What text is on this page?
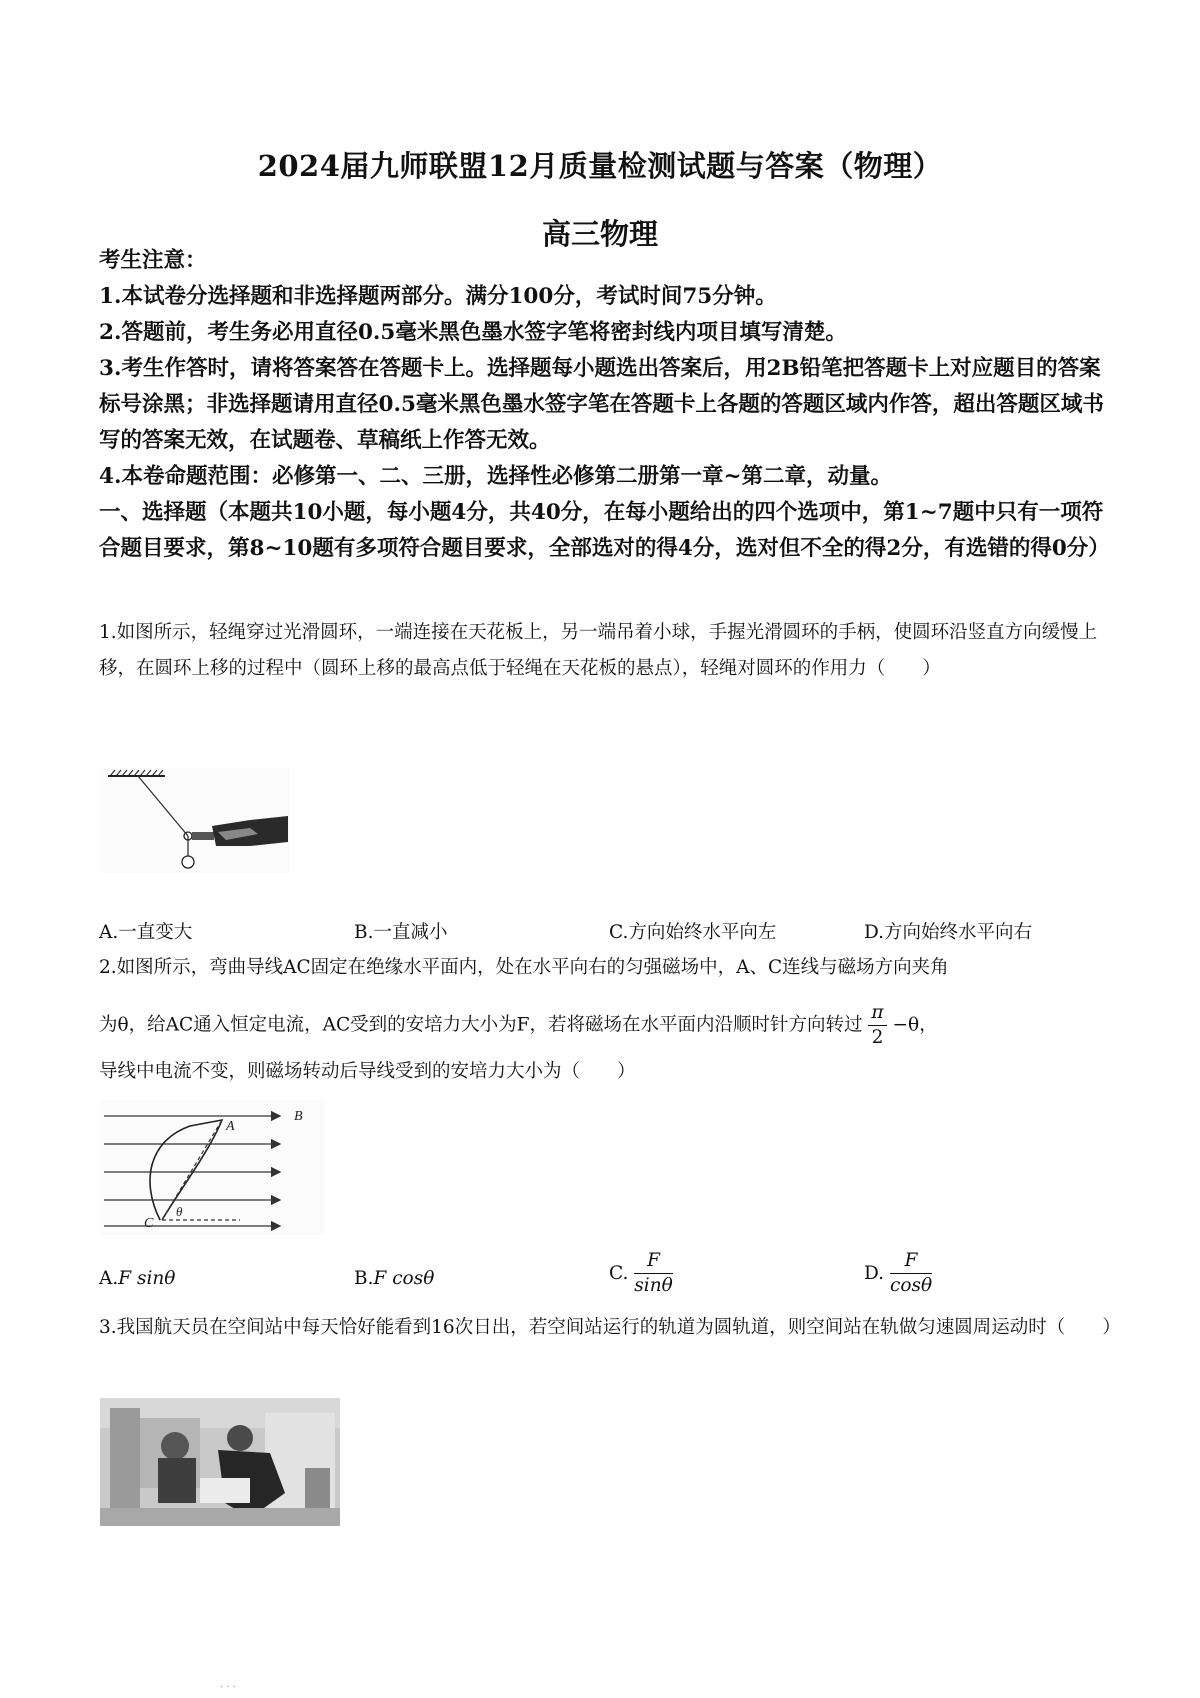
2024届九师联盟12月质量检测试题与答案（物理）
高三物理
考生注意：
1.本试卷分选择题和非选择题两部分。满分100分，考试时间75分钟。
2.答题前，考生务必用直径0.5毫米黑色墨水签字笔将密封线内项目填写清楚。
3.考生作答时，请将答案答在答题卡上。选择题每小题选出答案后，用2B铅笔把答题卡上对应题目的答案标号涂黑；非选择题请用直径0.5毫米黑色墨水签字笔在答题卡上各题的答题区域内作答，超出答题区域书写的答案无效，在试题卷、草稿纸上作答无效。
4.本卷命题范围：必修第一、二、三册，选择性必修第二册第一章~第二章，动量。
一、选择题（本题共10小题，每小题4分，共40分，在每小题给出的四个选项中，第1~7题中只有一项符合题目要求，第8~10题有多项符合题目要求，全部选对的得4分，选对但不全的得2分，有选错的得0分）
1.如图所示，轻绳穿过光滑圆环，一端连接在天花板上，另一端吊着小球，手握光滑圆环的手柄，使圆环沿竖直方向缓慢上移，在圆环上移的过程中（圆环上移的最高点低于轻绳在天花板的悬点），轻绳对圆环的作用力（　　）
A.一直变大	B.一直减小	C.方向始终水平向左	D.方向始终水平向右
2.如图所示，弯曲导线AC固定在绝缘水平面内，处在水平向右的匀强磁场中，A、C连线与磁场方向夹角
为θ，给AC通入恒定电流，AC受到的安培力大小为F，若将磁场在水平面内沿顺时针方向转过 $\frac{\pi}{2} -\theta$，
导线中电流不变，则磁场转动后导线受到的安培力大小为（　　）
A
B
C
θ
A.F sinθ	B.F cosθ	C. $\frac{F}{\sin\theta}$	D. $\frac{F}{\cos\theta}$
3.我国航天员在空间站中每天恰好能看到16次日出，若空间站运行的轨道为圆轨道，则空间站在轨做匀速圆周运动时（　　）
· · ·
